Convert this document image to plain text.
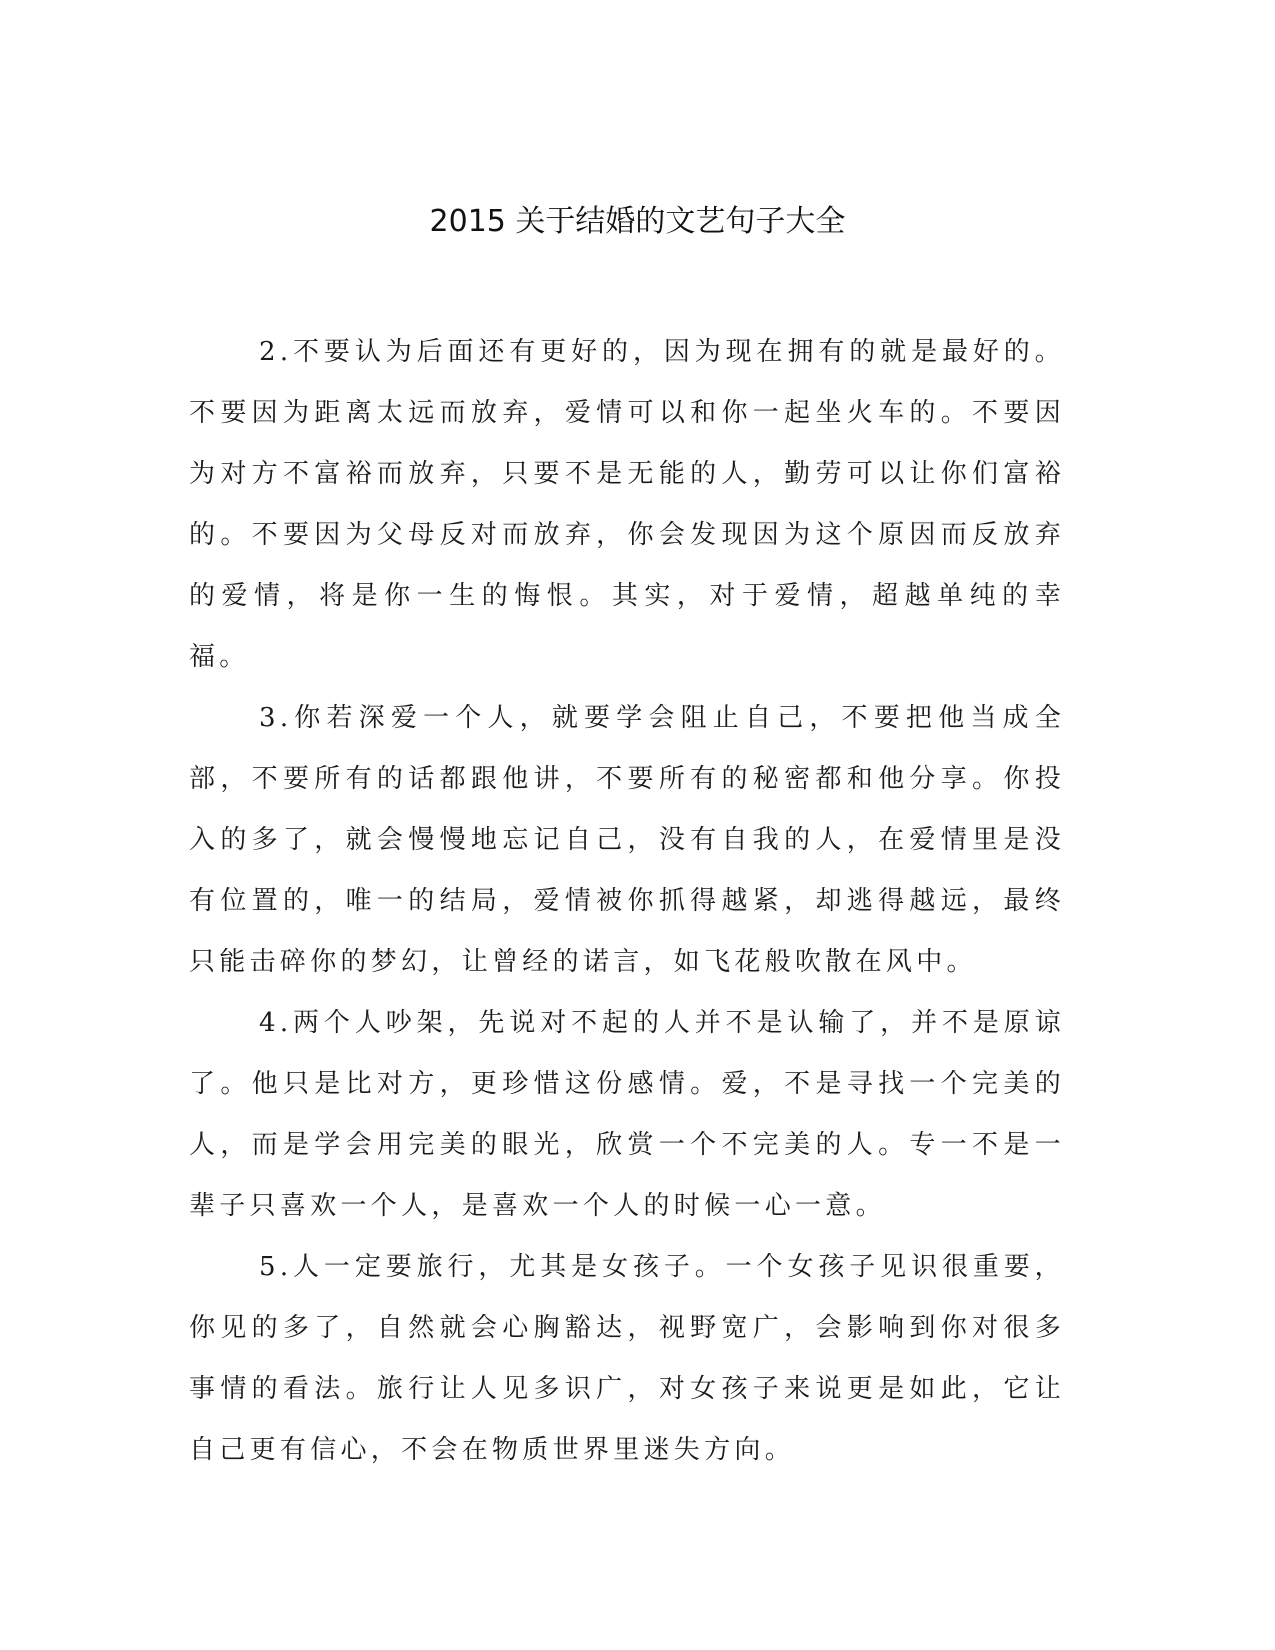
2015 关于结婚的文艺句子大全

2.不要认为后面还有更好的，因为现在拥有的就是最好的。不要因为距离太远而放弃，爱情可以和你一起坐火车的。不要因为对方不富裕而放弃，只要不是无能的人，勤劳可以让你们富裕的。不要因为父母反对而放弃，你会发现因为这个原因而反放弃的爱情，将是你一生的悔恨。其实，对于爱情，超越单纯的幸福。

3.你若深爱一个人，就要学会阻止自己，不要把他当成全部，不要所有的话都跟他讲，不要所有的秘密都和他分享。你投入的多了，就会慢慢地忘记自己，没有自我的人，在爱情里是没有位置的，唯一的结局，爱情被你抓得越紧，却逃得越远，最终只能击碎你的梦幻，让曾经的诺言，如飞花般吹散在风中。

4.两个人吵架，先说对不起的人并不是认输了，并不是原谅了。他只是比对方，更珍惜这份感情。爱，不是寻找一个完美的人，而是学会用完美的眼光，欣赏一个不完美的人。专一不是一辈子只喜欢一个人，是喜欢一个人的时候一心一意。

5.人一定要旅行，尤其是女孩子。一个女孩子见识很重要，你见的多了，自然就会心胸豁达，视野宽广，会影响到你对很多事情的看法。旅行让人见多识广，对女孩子来说更是如此，它让自己更有信心，不会在物质世界里迷失方向。
